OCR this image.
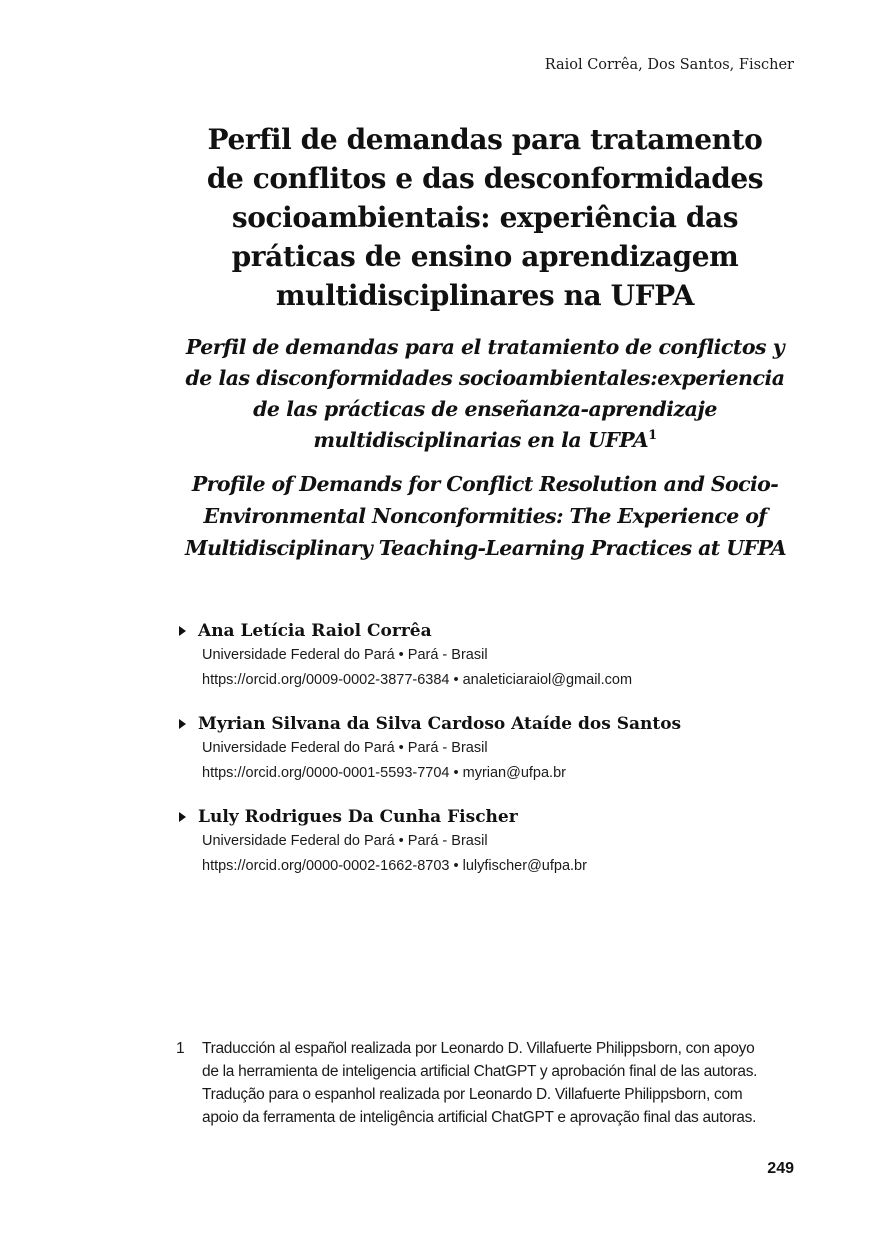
Raiol Corrêa, Dos Santos, Fischer
Perfil de demandas para tratamento
de conflitos e das desconformidades
socioambientais: experiência das
práticas de ensino aprendizagem
multidisciplinares na UFPA
Perfil de demandas para el tratamiento de conflictos y
de las disconformidades socioambientales:experiencia
de las prácticas de enseñanza-aprendizaje
multidisciplinarias en la UFPA$^1$
Profile of Demands for Conflict Resolution and Socio-
Environmental Nonconformities: The Experience of
Multidisciplinary Teaching-Learning Practices at UFPA
Ana Letícia Raiol Corrêa
Universidade Federal do Pará • Pará - Brasil
https://orcid.org/0009-0002-3877-6384 • analeticiaraiol@gmail.com
Myrian Silvana da Silva Cardoso Ataíde dos Santos
Universidade Federal do Pará • Pará - Brasil
https://orcid.org/0000-0001-5593-7704 • myrian@ufpa.br
Luly Rodrigues Da Cunha Fischer
Universidade Federal do Pará • Pará - Brasil
https://orcid.org/0000-0002-1662-8703 • lulyfischer@ufpa.br
1	Traducción al español realizada por Leonardo D. Villafuerte Philippsborn, con apoyo
de la herramienta de inteligencia artificial ChatGPT y aprobación final de las autoras.
Tradução para o espanhol realizada por Leonardo D. Villafuerte Philippsborn, com
apoio da ferramenta de inteligência artificial ChatGPT e aprovação final das autoras.
249
